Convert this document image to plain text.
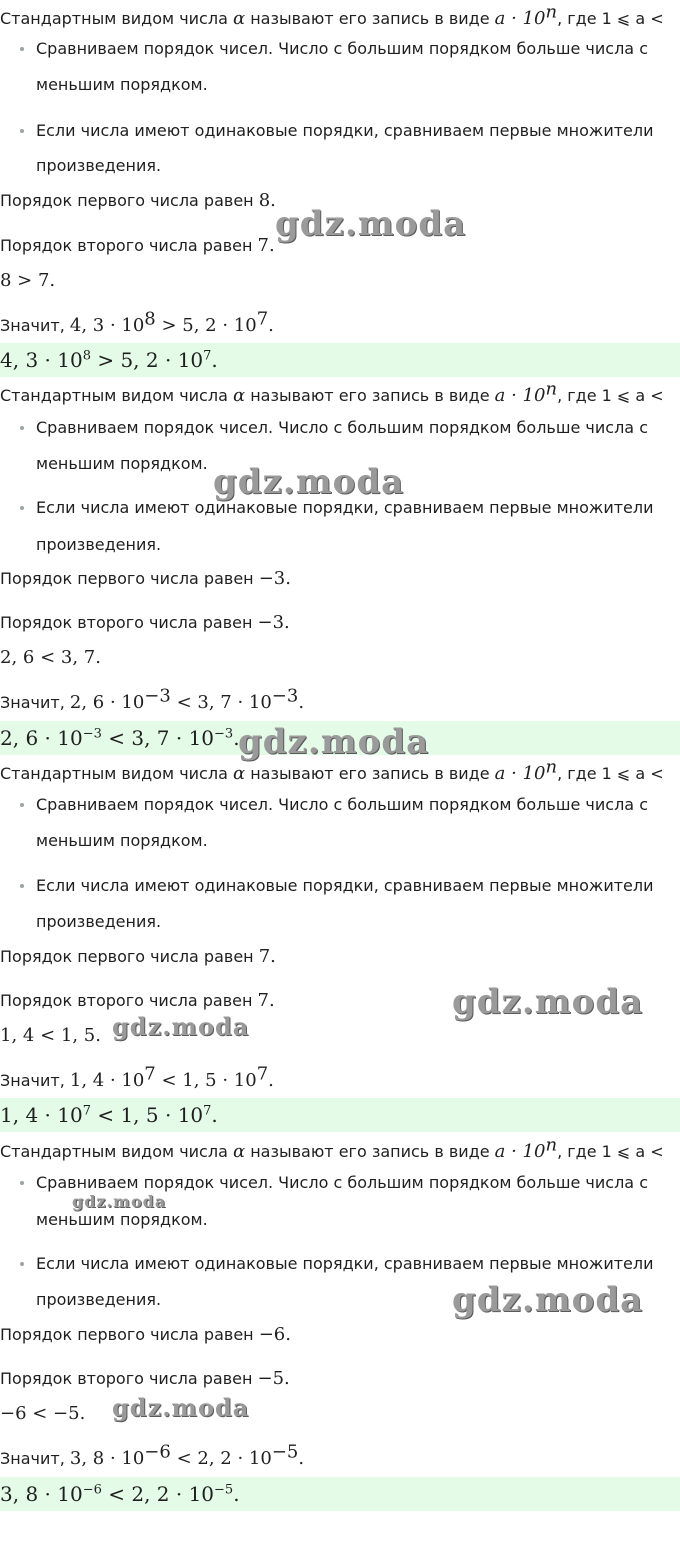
Стандартным видом числа α называют его запись в виде $a \cdot 10^n$, где 1 ⩽ a <
Сравниваем порядок чисел. Число с большим порядком больше числа с
меньшим порядком.
Если числа имеют одинаковые порядки, сравниваем первые множители
произведения.
Порядок первого числа равен 8.
Порядок второго числа равен 7.
8 > 7.
Значит, 4, $3 \cdot 10^8 > 5$, $2 \cdot 10^7$.
4, $3 \cdot 10^8 > 5$, $2 \cdot 10^7$.
Стандартным видом числа α называют его запись в виде $a \cdot 10^n$, где 1 ⩽ a <
Сравниваем порядок чисел. Число с большим порядком больше числа с
меньшим порядком.
Если числа имеют одинаковые порядки, сравниваем первые множители
произведения.
Порядок первого числа равен −3.
Порядок второго числа равен −3.
2, 6 < 3, 7.
Значит, 2, $6 \cdot 10^{-3} < 3$, $7 \cdot 10^{-3}$.
2, $6 \cdot 10^{-3} < 3$, $7 \cdot 10^{-3}$.
Стандартным видом числа α называют его запись в виде $a \cdot 10^n$, где 1 ⩽ a <
Сравниваем порядок чисел. Число с большим порядком больше числа с
меньшим порядком.
Если числа имеют одинаковые порядки, сравниваем первые множители
произведения.
Порядок первого числа равен 7.
Порядок второго числа равен 7.
1, 4 < 1, 5.
Значит, 1, $4 \cdot 10^7 < 1$, $5 \cdot 10^7$.
1, $4 \cdot 10^7 < 1$, $5 \cdot 10^7$.
Стандартным видом числа α называют его запись в виде $a \cdot 10^n$, где 1 ⩽ a <
Сравниваем порядок чисел. Число с большим порядком больше числа с
меньшим порядком.
Если числа имеют одинаковые порядки, сравниваем первые множители
произведения.
Порядок первого числа равен −6.
Порядок второго числа равен −5.
−6 < −5.
Значит, 3, $8 \cdot 10^{-6} < 2$, $2 \cdot 10^{-5}$.
3, $8 \cdot 10^{-6} < 2$, $2 \cdot 10^{-5}$.
gdz.moda
gdz.moda
gdz.moda
gdz.moda
gdz.moda
gdz.moda
gdz.moda
gdz.moda
